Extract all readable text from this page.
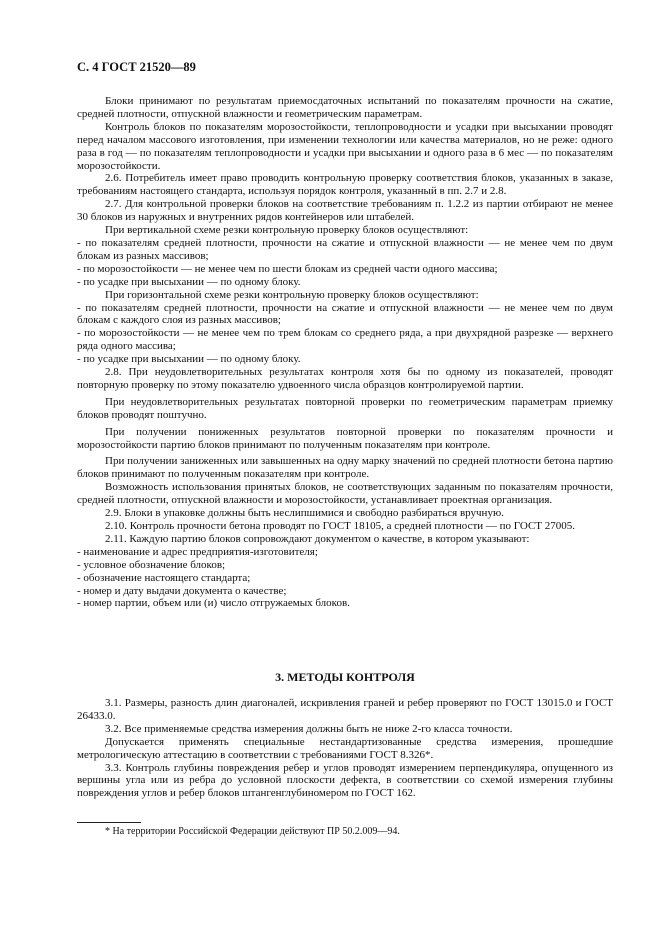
С. 4 ГОСТ 21520—89

Блоки принимают по результатам приемосдаточных испытаний по показателям прочности на сжатие, средней плотности, отпускной влажности и геометрическим параметрам.

Контроль блоков по показателям морозостойкости, теплопроводности и усадки при высыхании проводят перед началом массового изготовления, при изменении технологии или качества материалов, но не реже: одного раза в год — по показателям теплопроводности и усадки при высыхании и одного раза в 6 мес — по показателям морозостойкости.

2.6. Потребитель имеет право проводить контрольную проверку соответствия блоков, указанных в заказе, требованиям настоящего стандарта, используя порядок контроля, указанный в пп. 2.7 и 2.8.

2.7. Для контрольной проверки блоков на соответствие требованиям п. 1.2.2 из партии отбирают не менее 30 блоков из наружных и внутренних рядов контейнеров или штабелей.

При вертикальной схеме резки контрольную проверку блоков осуществляют:

- по показателям средней плотности, прочности на сжатие и отпускной влажности — не менее чем по двум блокам из разных массивов;

- по морозостойкости — не менее чем по шести блокам из средней части одного массива;

- по усадке при высыхании — по одному блоку.

При горизонтальной схеме резки контрольную проверку блоков осуществляют:

- по показателям средней плотности, прочности на сжатие и отпускной влажности — не менее чем по двум блокам с каждого слоя из разных массивов;

- по морозостойкости — не менее чем по трем блокам со среднего ряда, а при двухрядной разрезке — верхнего ряда одного массива;

- по усадке при высыхании — по одному блоку.

2.8. При неудовлетворительных результатах контроля хотя бы по одному из показателей, проводят повторную проверку по этому показателю удвоенного числа образцов контролируемой партии.

При неудовлетворительных результатах повторной проверки по геометрическим параметрам приемку блоков проводят поштучно.

При получении пониженных результатов повторной проверки по показателям прочности и морозостойкости партию блоков принимают по полученным показателям при контроле.

При получении заниженных или завышенных на одну марку значений по средней плотности бетона партию блоков принимают по полученным показателям при контроле.

Возможность использования принятых блоков, не соответствующих заданным по показателям прочности, средней плотности, отпускной влажности и морозостойкости, устанавливает проектная организация.

2.9. Блоки в упаковке должны быть неслипшимися и свободно разбираться вручную.

2.10. Контроль прочности бетона проводят по ГОСТ 18105, а средней плотности — по ГОСТ 27005.

2.11. Каждую партию блоков сопровождают документом о качестве, в котором указывают:

- наименование и адрес предприятия-изготовителя;

- условное обозначение блоков;

- обозначение настоящего стандарта;

- номер и дату выдачи документа о качестве;

- номер партии, объем или (и) число отгружаемых блоков.

3. МЕТОДЫ КОНТРОЛЯ

3.1. Размеры, разность длин диагоналей, искривления граней и ребер проверяют по ГОСТ 13015.0 и ГОСТ 26433.0.

3.2. Все применяемые средства измерения должны быть не ниже 2-го класса точности.

Допускается применять специальные нестандартизованные средства измерения, прошедшие метрологическую аттестацию в соответствии с требованиями ГОСТ 8.326*.

3.3. Контроль глубины повреждения ребер и углов проводят измерением перпендикуляра, опущенного из вершины угла или из ребра до условной плоскости дефекта, в соответствии со схемой измерения глубины повреждения углов и ребер блоков штангенглубиномером по ГОСТ 162.

* На территории Российской Федерации действуют ПР 50.2.009—94.
